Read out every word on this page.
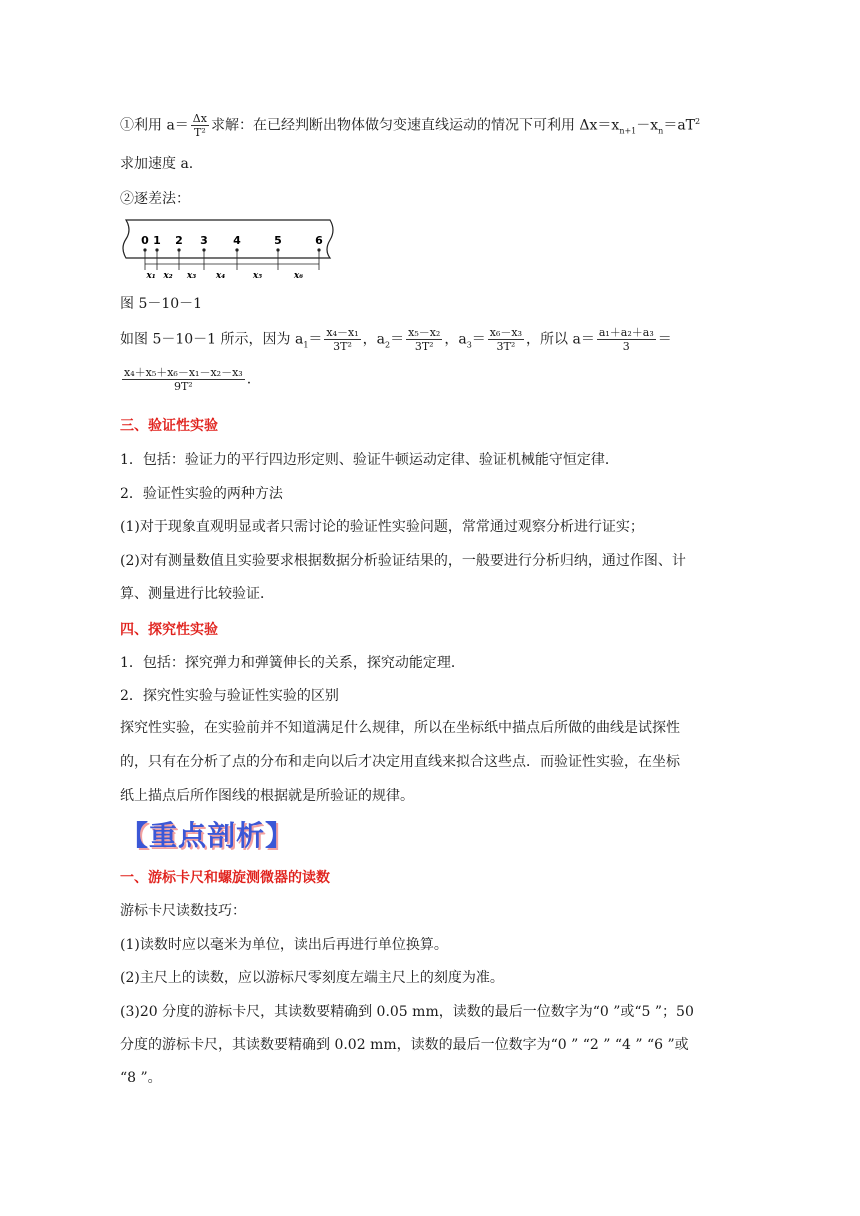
①利用 $a= \frac{\Delta x}{\text{T²}}$ 求解：在已经判断出物体做匀变速直线运动的情况下可利用 $\Delta x=x_{n+1}-x_n=aT^2$
求加速度 a.
②逐差法：
0 1 2 3 4	5	6
x₁ x₂ x₃ x₄	x₅	x₆
图 5－10－1
如图 5－10－1 所示，因为 $a_1= \frac{\text{x₄－x₁}}{\text{3T²}}$ ，$a_2= \frac{\text{x₅－x₂}}{\text{3T²}}$ ，$a_3= \frac{\text{x₆－x₃}}{\text{3T²}}$ ，所以 $a= \frac{\text{a₁＋a₂＋a₃}}{3}$ ＝
$\frac{\text{x₄＋x₅＋x₆－x₁－x₂－x₃}}{\text{9T²}}$ .
三、验证性实验
1．包括：验证力的平行四边形定则、验证牛顿运动定律、验证机械能守恒定律．
2．验证性实验的两种方法
(1)对于现象直观明显或者只需讨论的验证性实验问题，常常通过观察分析进行证实；
(2)对有测量数值且实验要求根据数据分析验证结果的，一般要进行分析归纳，通过作图、计
算、测量进行比较验证．
四、探究性实验
1．包括：探究弹力和弹簧伸长的关系，探究动能定理．
2．探究性实验与验证性实验的区别
探究性实验，在实验前并不知道满足什么规律，所以在坐标纸中描点后所做的曲线是试探性
的，只有在分析了点的分布和走向以后才决定用直线来拟合这些点．而验证性实验，在坐标
纸上描点后所作图线的根据就是所验证的规律。
【重点剖析】
一、游标卡尺和螺旋测微器的读数
游标卡尺读数技巧：
(1)读数时应以毫米为单位，读出后再进行单位换算。
(2)主尺上的读数，应以游标尺零刻度左端主尺上的刻度为准。
(3)20 分度的游标卡尺，其读数要精确到 0.05 mm，读数的最后一位数字为“0 ”或“5 ”；50
分度的游标卡尺，其读数要精确到 0.02 mm，读数的最后一位数字为“0 ” “2 ” “4 ” “6 ”或
“8 ”。
